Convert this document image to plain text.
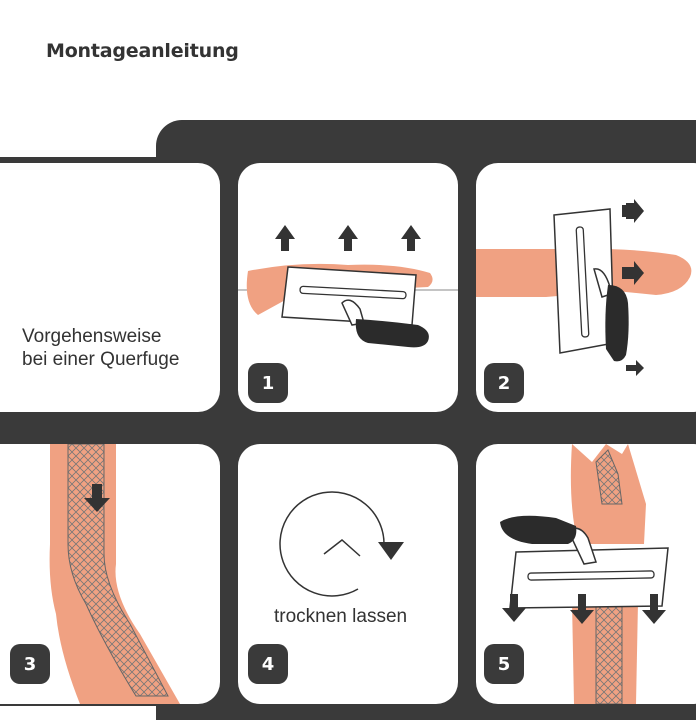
Montageanleitung
Vorgehensweise
bei einer Querfuge
1	2
3
trocknen lassen
4	5
